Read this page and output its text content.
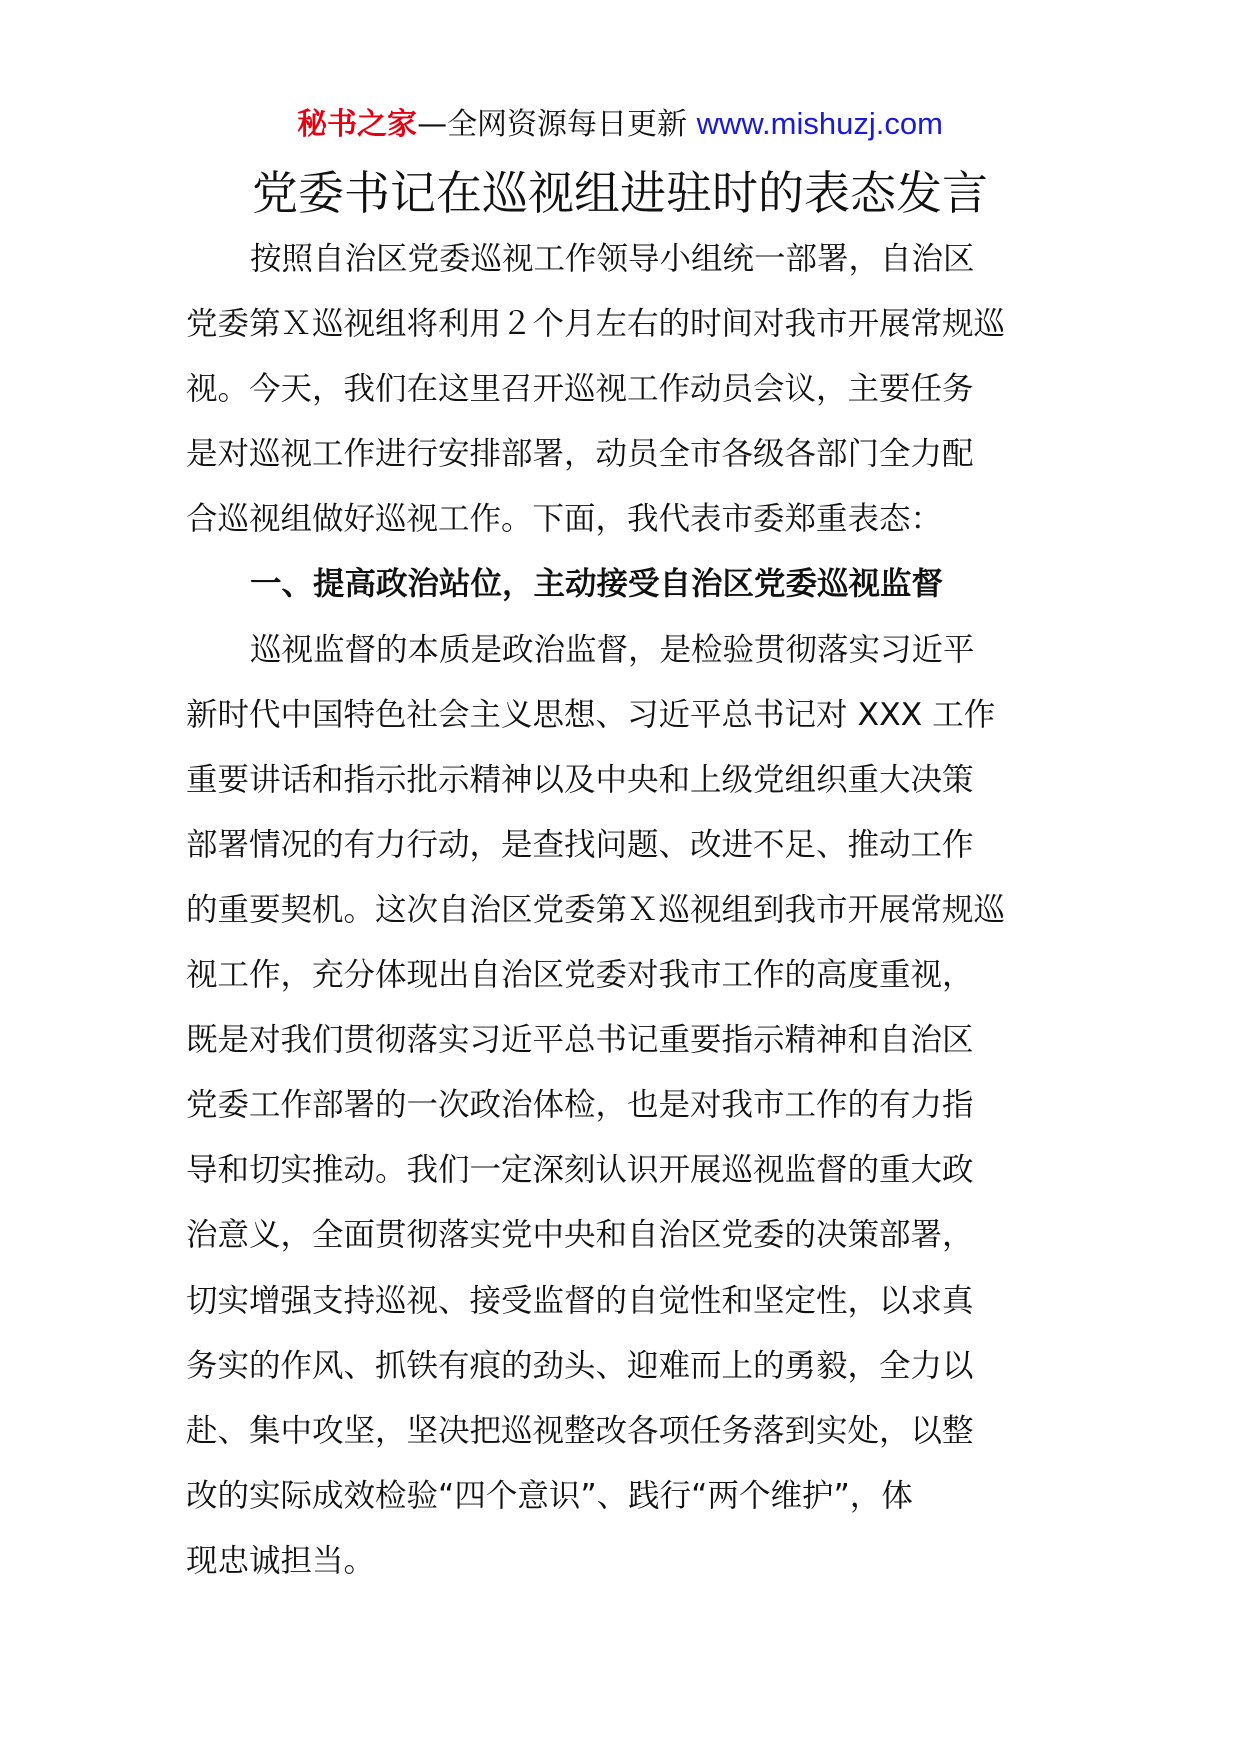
秘书之家—全网资源每日更新 www.mishuzj.com
党委书记在巡视组进驻时的表态发言
按照自治区党委巡视工作领导小组统一部署，自治区
党委第Ｘ巡视组将利用２个月左右的时间对我市开展常规巡
视。今天，我们在这里召开巡视工作动员会议，主要任务
是对巡视工作进行安排部署，动员全市各级各部门全力配
合巡视组做好巡视工作。下面，我代表市委郑重表态：
一、提高政治站位，主动接受自治区党委巡视监督
巡视监督的本质是政治监督，是检验贯彻落实习近平
新时代中国特色社会主义思想、习近平总书记对 XXX 工作
重要讲话和指示批示精神以及中央和上级党组织重大决策
部署情况的有力行动，是查找问题、改进不足、推动工作
的重要契机。这次自治区党委第Ｘ巡视组到我市开展常规巡
视工作，充分体现出自治区党委对我市工作的高度重视，
既是对我们贯彻落实习近平总书记重要指示精神和自治区
党委工作部署的一次政治体检，也是对我市工作的有力指
导和切实推动。我们一定深刻认识开展巡视监督的重大政
治意义，全面贯彻落实党中央和自治区党委的决策部署，
切实增强支持巡视、接受监督的自觉性和坚定性，以求真
务实的作风、抓铁有痕的劲头、迎难而上的勇毅，全力以
赴、集中攻坚，坚决把巡视整改各项任务落到实处，以整
改的实际成效检验“四个意识”、践行“两个维护”，体
现忠诚担当。
